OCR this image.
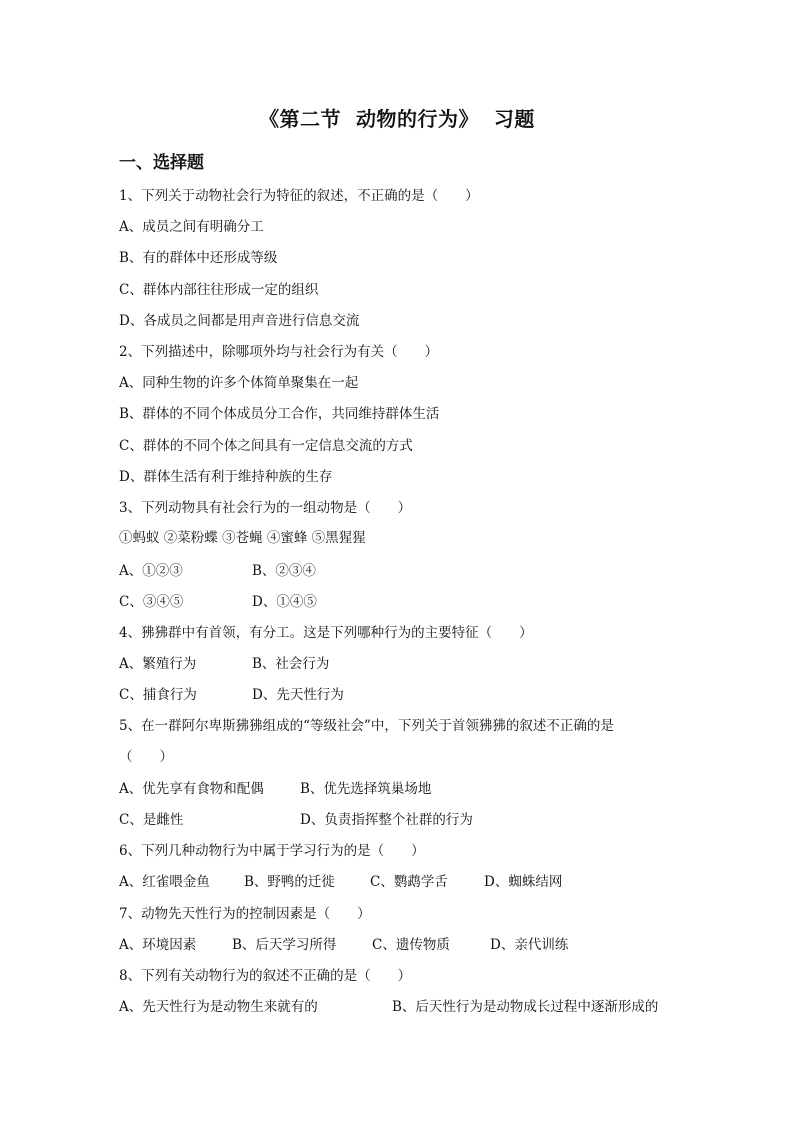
《第二节  动物的行为》  习题
一、选择题
1、下列关于动物社会行为特征的叙述，不正确的是（　　）
A、成员之间有明确分工
B、有的群体中还形成等级
C、群体内部往往形成一定的组织
D、各成员之间都是用声音进行信息交流
2、下列描述中，除哪项外均与社会行为有关（　　）
A、同种生物的许多个体简单聚集在一起
B、群体的不同个体成员分工合作，共同维持群体生活
C、群体的不同个体之间具有一定信息交流的方式
D、群体生活有利于维持种族的生存
3、下列动物具有社会行为的一组动物是（　　）
①蚂蚁 ②菜粉蝶 ③苍蝇 ④蜜蜂 ⑤黑猩猩
A、①②③	B、②③④
C、③④⑤	D、①④⑤
4、狒狒群中有首领，有分工。这是下列哪种行为的主要特征（　　）
A、繁殖行为	B、社会行为
C、捕食行为	D、先天性行为
5、在一群阿尔卑斯狒狒组成的“等级社会”中，下列关于首领狒狒的叙述不正确的是
（　　）
A、优先享有食物和配偶	B、优先选择筑巢场地
C、是雌性	D、负责指挥整个社群的行为
6、下列几种动物行为中属于学习行为的是（　　）
A、红雀喂金鱼	B、野鸭的迁徙	C、鹦鹉学舌	D、蜘蛛结网
7、动物先天性行为的控制因素是（　　）
A、环境因素	B、后天学习所得	C、遗传物质	D、亲代训练
8、下列有关动物行为的叙述不正确的是（　　）
A、先天性行为是动物生来就有的	B、后天性行为是动物成长过程中逐渐形成的
